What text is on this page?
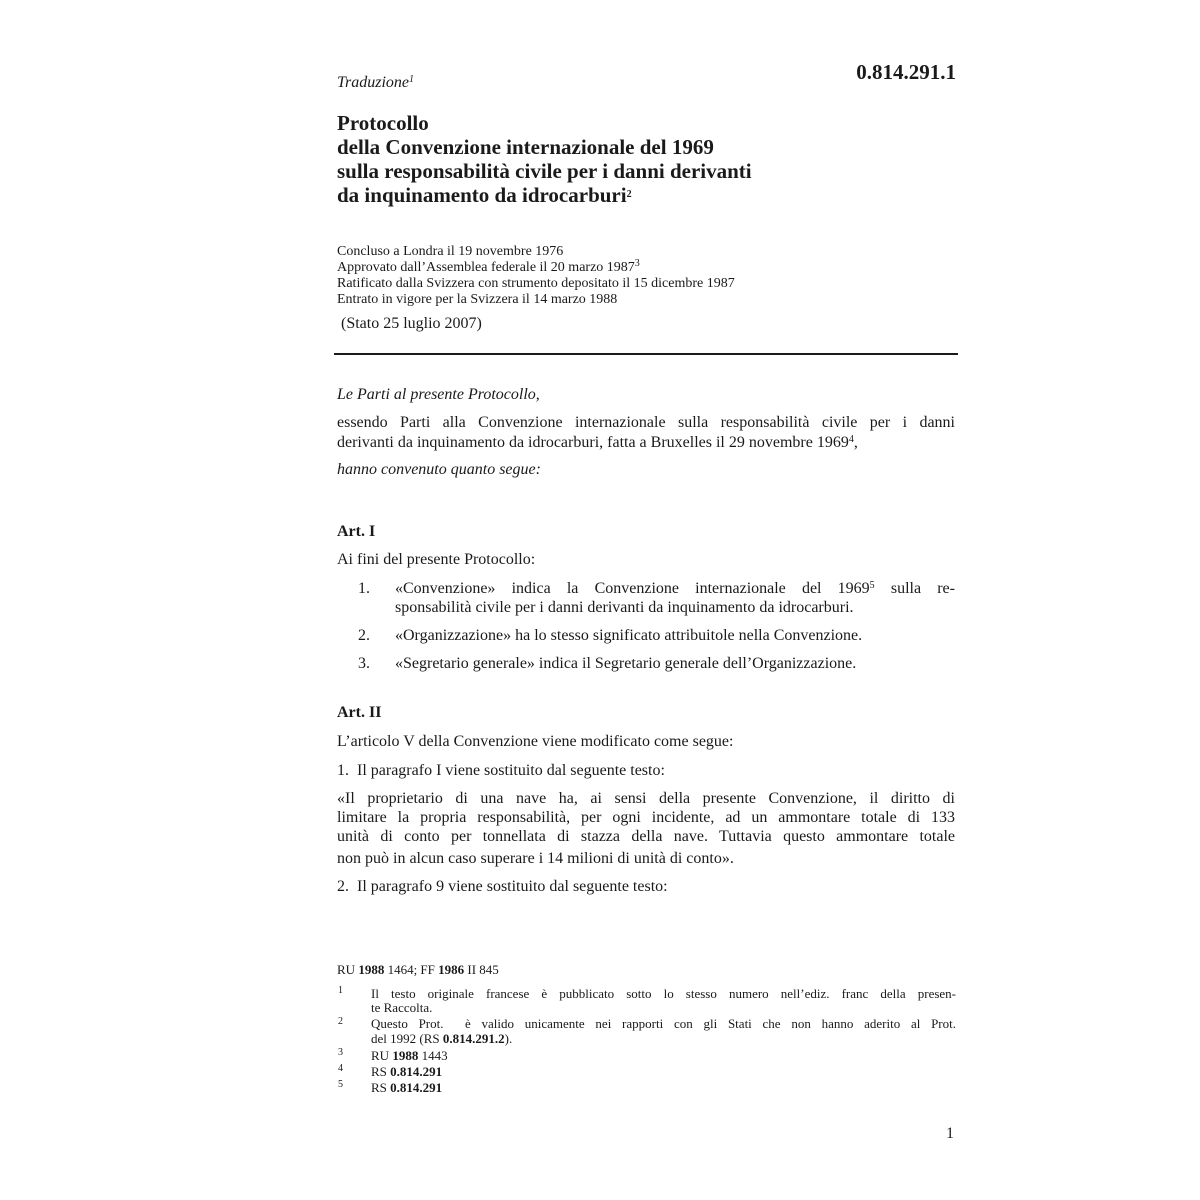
0.814.291.1
Traduzione$^1$
Protocollo
della Convenzione internazionale del 1969
sulla responsabilità civile per i danni derivanti
da inquinamento da idrocarburi$^2$
Concluso a Londra il 19 novembre 1976
Approvato dall’Assemblea federale il 20 marzo 1987$^3$
Ratificato dalla Svizzera con strumento depositato il 15 dicembre 1987
Entrato in vigore per la Svizzera il 14 marzo 1988
(Stato 25 luglio 2007)
Le Parti al presente Protocollo,
essendo Parti alla Convenzione internazionale sulla responsabilità civile per i danni
derivanti da inquinamento da idrocarburi, fatta a Bruxelles il 29 novembre 1969$^4$,
hanno convenuto quanto segue:
Art. I
Ai fini del presente Protocollo:
1. «Convenzione» indica la Convenzione internazionale del 1969$^5$ sulla re-
sponsabilità civile per i danni derivanti da inquinamento da idrocarburi.
2. «Organizzazione» ha lo stesso significato attribuitole nella Convenzione.
3. «Segretario generale» indica il Segretario generale dell’Organizzazione.
Art. II
L’articolo V della Convenzione viene modificato come segue:
1.  Il paragrafo I viene sostituito dal seguente testo:
«Il proprietario di una nave ha, ai sensi della presente Convenzione, il diritto di
limitare la propria responsabilità, per ogni incidente, ad un ammontare totale di 133
unità di conto per tonnellata di stazza della nave. Tuttavia questo ammontare totale
non può in alcun caso superare i 14 milioni di unità di conto».
2.  Il paragrafo 9 viene sostituito dal seguente testo:
RU 1988 1464; FF 1986 II 845
1 Il testo originale francese è pubblicato sotto lo stesso numero nell’ediz. franc della presen-
te Raccolta.
2 Questo Prot.  è valido unicamente nei rapporti con gli Stati che non hanno aderito al Prot.
del 1992 (RS 0.814.291.2).
3 RU 1988 1443
4 RS 0.814.291
5 RS 0.814.291
1
